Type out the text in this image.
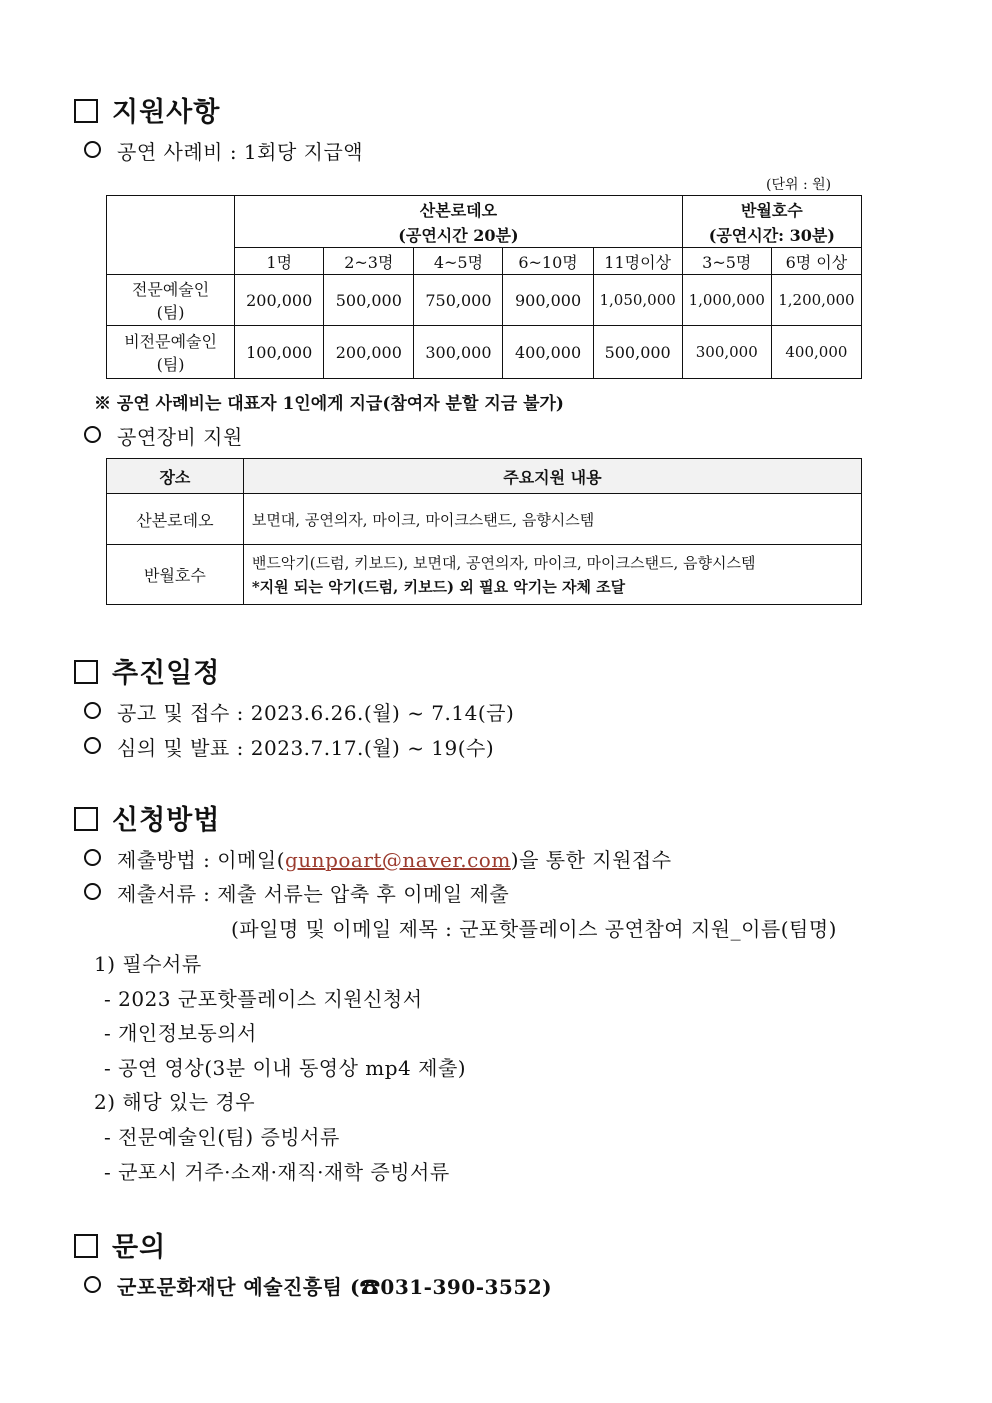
지원사항
공연 사례비 : 1회당 지급액
(단위 : 원)
	산본로데오					반월호수	
	(공연시간 20분)					(공연시간: 30분)	
	1명	2~3명	4~5명	6~10명	11명이상	3~5명	6명 이상

전문예술인
(팀)	200,000	500,000	750,000	900,000	1,050,000	1,000,000	1,200,000

비전문예술인
(팀)	100,000	200,000	300,000	400,000	500,000	300,000	400,000
※ 공연 사례비는 대표자 1인에게 지급(참여자 분할 지금 불가)
공연장비 지원
장소	주요지원 내용
산본로데오	보면대, 공연의자, 마이크, 마이크스탠드, 음향시스템
반월호수	밴드악기(드럼, 키보드), 보면대, 공연의자, 마이크, 마이크스탠드, 음향시스템
*지원 되는 악기(드럼, 키보드) 외 필요 악기는 자체 조달
추진일정
공고 및 접수 : 2023.6.26.(월) ~ 7.14(금)
심의 및 발표 : 2023.7.17.(월) ~ 19(수)
신청방법
제출방법 : 이메일(gunpoart@naver.com)을 통한 지원접수
제출서류 : 제출 서류는 압축 후 이메일 제출
(파일명 및 이메일 제목 : 군포핫플레이스 공연참여 지원_이름(팀명)
1) 필수서류
- 2023 군포핫플레이스 지원신청서
- 개인정보동의서
- 공연 영상(3분 이내 동영상 mp4 제출)
2) 해당 있는 경우
- 전문예술인(팀) 증빙서류
- 군포시 거주·소재·재직·재학 증빙서류
문의
군포문화재단 예술진흥팀 (☎031-390-3552)
